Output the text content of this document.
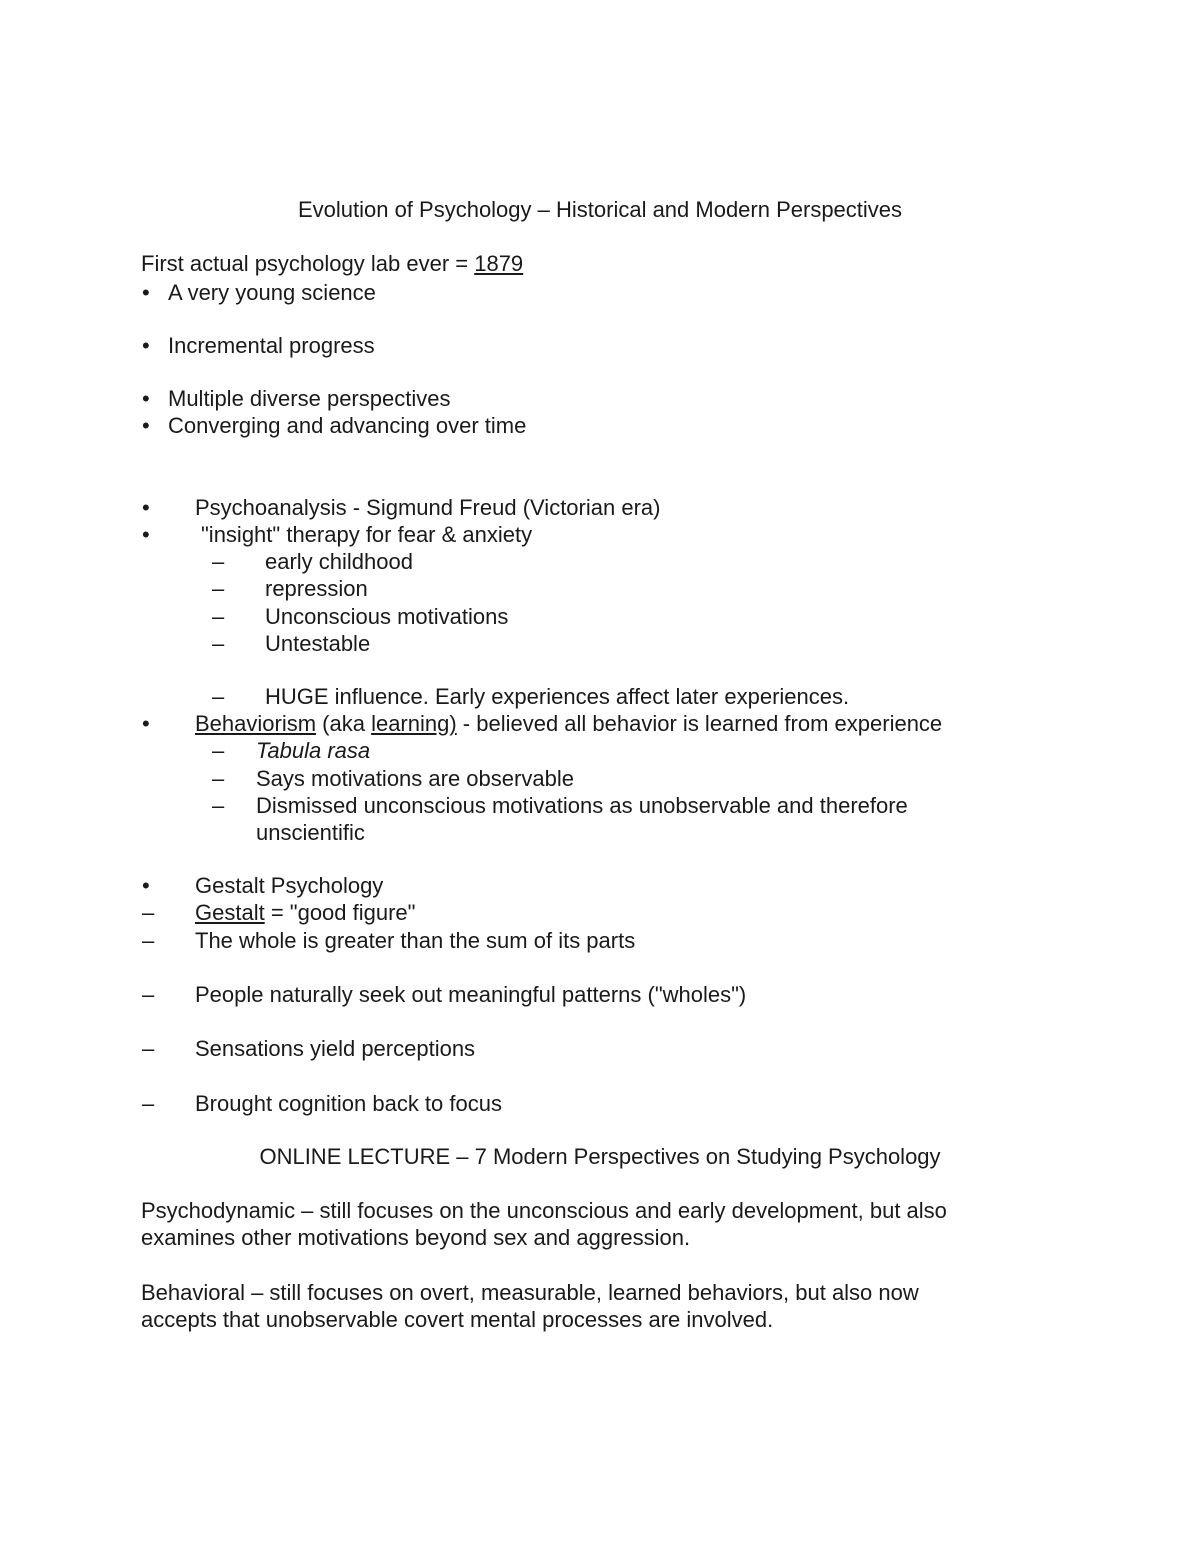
Evolution of Psychology – Historical and Modern Perspectives
First actual psychology lab ever = 1879
• A very young science
• Incremental progress
• Multiple diverse perspectives
• Converging and advancing over time
• Psychoanalysis - Sigmund Freud (Victorian era)
• "insight" therapy for fear & anxiety
– early childhood
– repression
– Unconscious motivations
– Untestable
– HUGE influence. Early experiences affect later experiences.
• Behaviorism (aka learning) - believed all behavior is learned from experience
– Tabula rasa
– Says motivations are observable
– Dismissed unconscious motivations as unobservable and therefore
unscientific
• Gestalt Psychology
– Gestalt = "good figure"
– The whole is greater than the sum of its parts
– People naturally seek out meaningful patterns ("wholes")
– Sensations yield perceptions
– Brought cognition back to focus
ONLINE LECTURE – 7 Modern Perspectives on Studying Psychology
Psychodynamic – still focuses on the unconscious and early development, but also
examines other motivations beyond sex and aggression.
Behavioral – still focuses on overt, measurable, learned behaviors, but also now
accepts that unobservable covert mental processes are involved.
